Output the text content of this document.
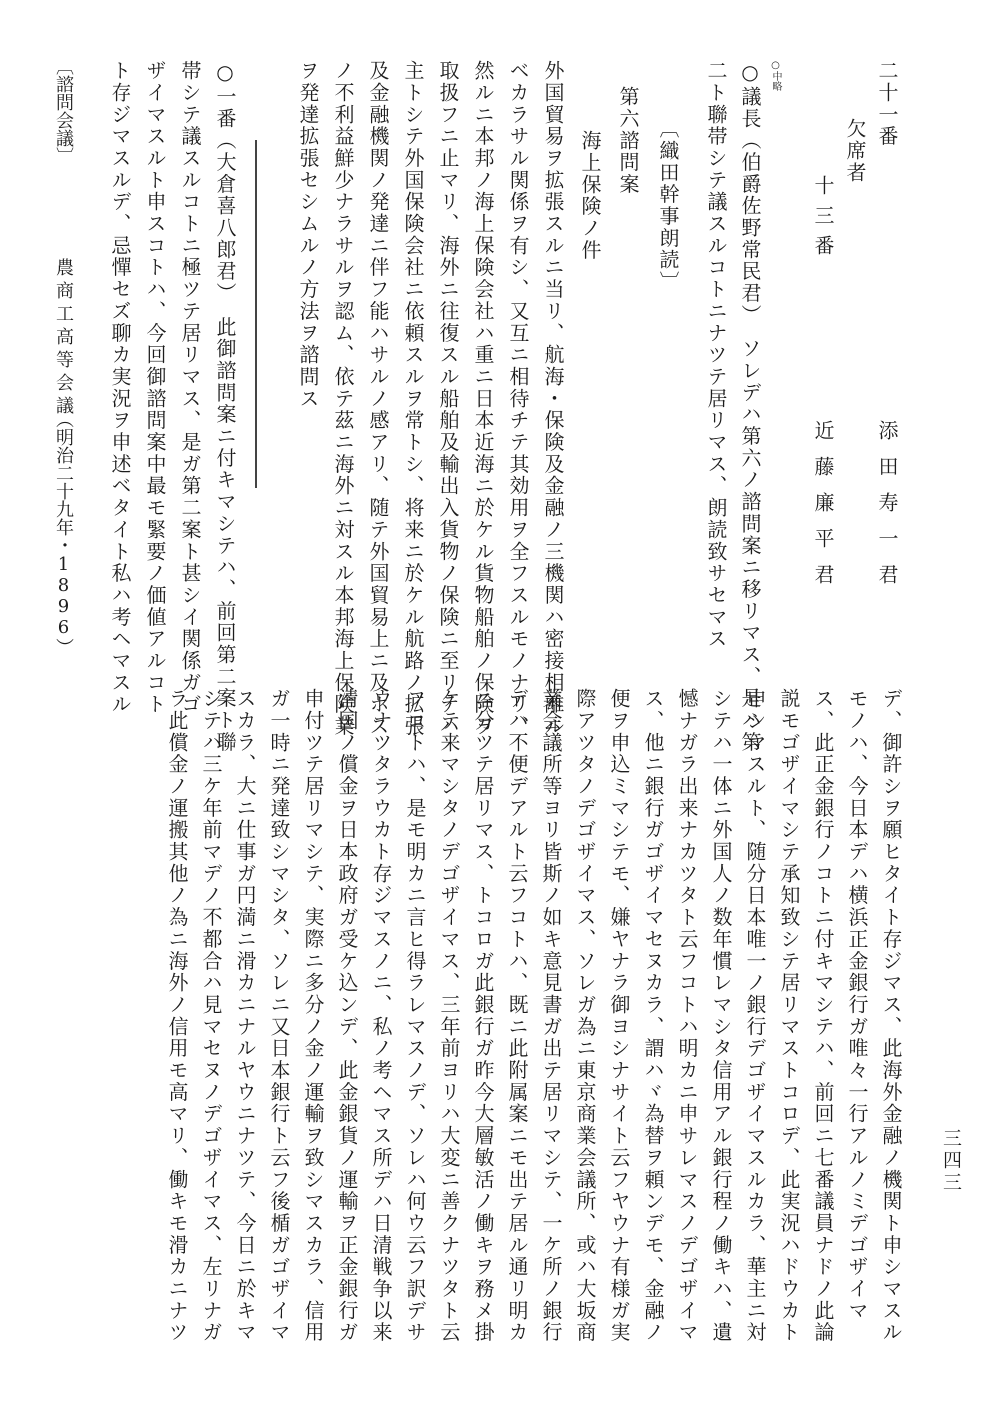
二十一番
添田寿一君
欠席者
十三番
近藤廉平君
○中略
○議長（伯爵佐野常民君）　ソレデハ第六ノ諮問案ニ移リマス、是ハ第
二ト聯帯シテ議スルコトニナツテ居リマス、朗読致サセマス
〔織田幹事朗読〕
第六諮問案
海上保険ノ件
外国貿易ヲ拡張スルニ当リ、航海・保険及金融ノ三機関ハ密接相離ル
ベカラサル関係ヲ有シ、又互ニ相待チテ其効用ヲ全フスルモノナリ、
然ルニ本邦ノ海上保険会社ハ重ニ日本近海ニ於ケル貨物船舶ノ保険ヲ
取扱フニ止マリ、海外ニ往復スル船舶及輸出入貨物ノ保険ニ至リテハ
主トシテ外国保険会社ニ依頼スルヲ常トシ、将来ニ於ケル航路ノ拡張
及金融機関ノ発達ニ伴フ能ハサルノ感アリ、随テ外国貿易上ニ及ホス
ノ不利益鮮少ナラサルヲ認ム、依テ茲ニ海外ニ対スル本邦海上保険業
ヲ発達拡張セシムルノ方法ヲ諮問ス
○一番（大倉喜八郎君）　此御諮問案ニ付キマシテハ、前回第二案ト聯
帯シテ議スルコトニ極ツテ居リマス、是ガ第二案ト甚シイ関係ガゴ
ザイマスルト申スコトハ、今回御諮問案中最モ緊要ノ価値アルコト
ト存ジマスルデ、忌憚セズ聊カ実況ヲ申述ベタイト私ハ考ヘマスル
デ、御許シヲ願ヒタイト存ジマス、此海外金融ノ機関ト申シマスル
モノハ、今日本デハ横浜正金銀行ガ唯々一行アルノミデゴザイマ
ス、此正金銀行ノコトニ付キマシテハ、前回ニ七番議員ナドノ此論
説モゴザイマシテ承知致シテ居リマストコロデ、此実況ハドウカト
申シマスルト、随分日本唯一ノ銀行デゴザイマスルカラ、華主ニ対
シテハ一体ニ外国人ノ数年慣レマシタ信用アル銀行程ノ働キハ、遺
憾ナガラ出来ナカツタト云フコトハ明カニ申サレマスノデゴザイマ
ス、他ニ銀行ガゴザイマセヌカラ、謂ハヾ為替ヲ頼ンデモ、金融ノ
便ヲ申込ミマシテモ、嫌ヤナラ御ヨシナサイト云フヤウナ有様ガ実
際アツタノデゴザイマス、ソレガ為ニ東京商業会議所、或ハ大坂商
業会議所等ヨリ皆斯ノ如キ意見書ガ出テ居リマシテ、一ケ所ノ銀行
デハ不便デアルト云フコトハ、既ニ此附属案ニモ出テ居ル通リ明カ
ニ分ツテ居リマス、トコロガ此銀行ガ昨今大層敏活ノ働キヲ務メ掛
ケテ来マシタノデゴザイマス、三年前ヨリハ大変ニ善クナツタト云
フコトハ、是モ明カニ言ヒ得ラレマスノデ、ソレハ何ウ云フ訳デサ
ウナツタラウカト存ジマスノニ、私ノ考ヘマス所デハ日清戦争以来
清国ノ償金ヲ日本政府ガ受ケ込ンデ、此金銀貨ノ運輸ヲ正金銀行ガ
申付ツテ居リマシテ、実際ニ多分ノ金ノ運輸ヲ致シマスカラ、信用
ガ一時ニ発達致シマシタ、ソレニ又日本銀行ト云フ後楯ガゴザイマ
スカラ、大ニ仕事ガ円満ニ滑カニナルヤウニナツテ、今日ニ於キマ
シテハ三ケ年前マデノ不都合ハ見マセヌノデゴザイマス、左リナガ
ラ此償金ノ運搬其他ノ為ニ海外ノ信用モ高マリ、働キモ滑カニナツ	三四三
〔諮問会議〕
農商工高等会議
（明治二十九年・1896）
